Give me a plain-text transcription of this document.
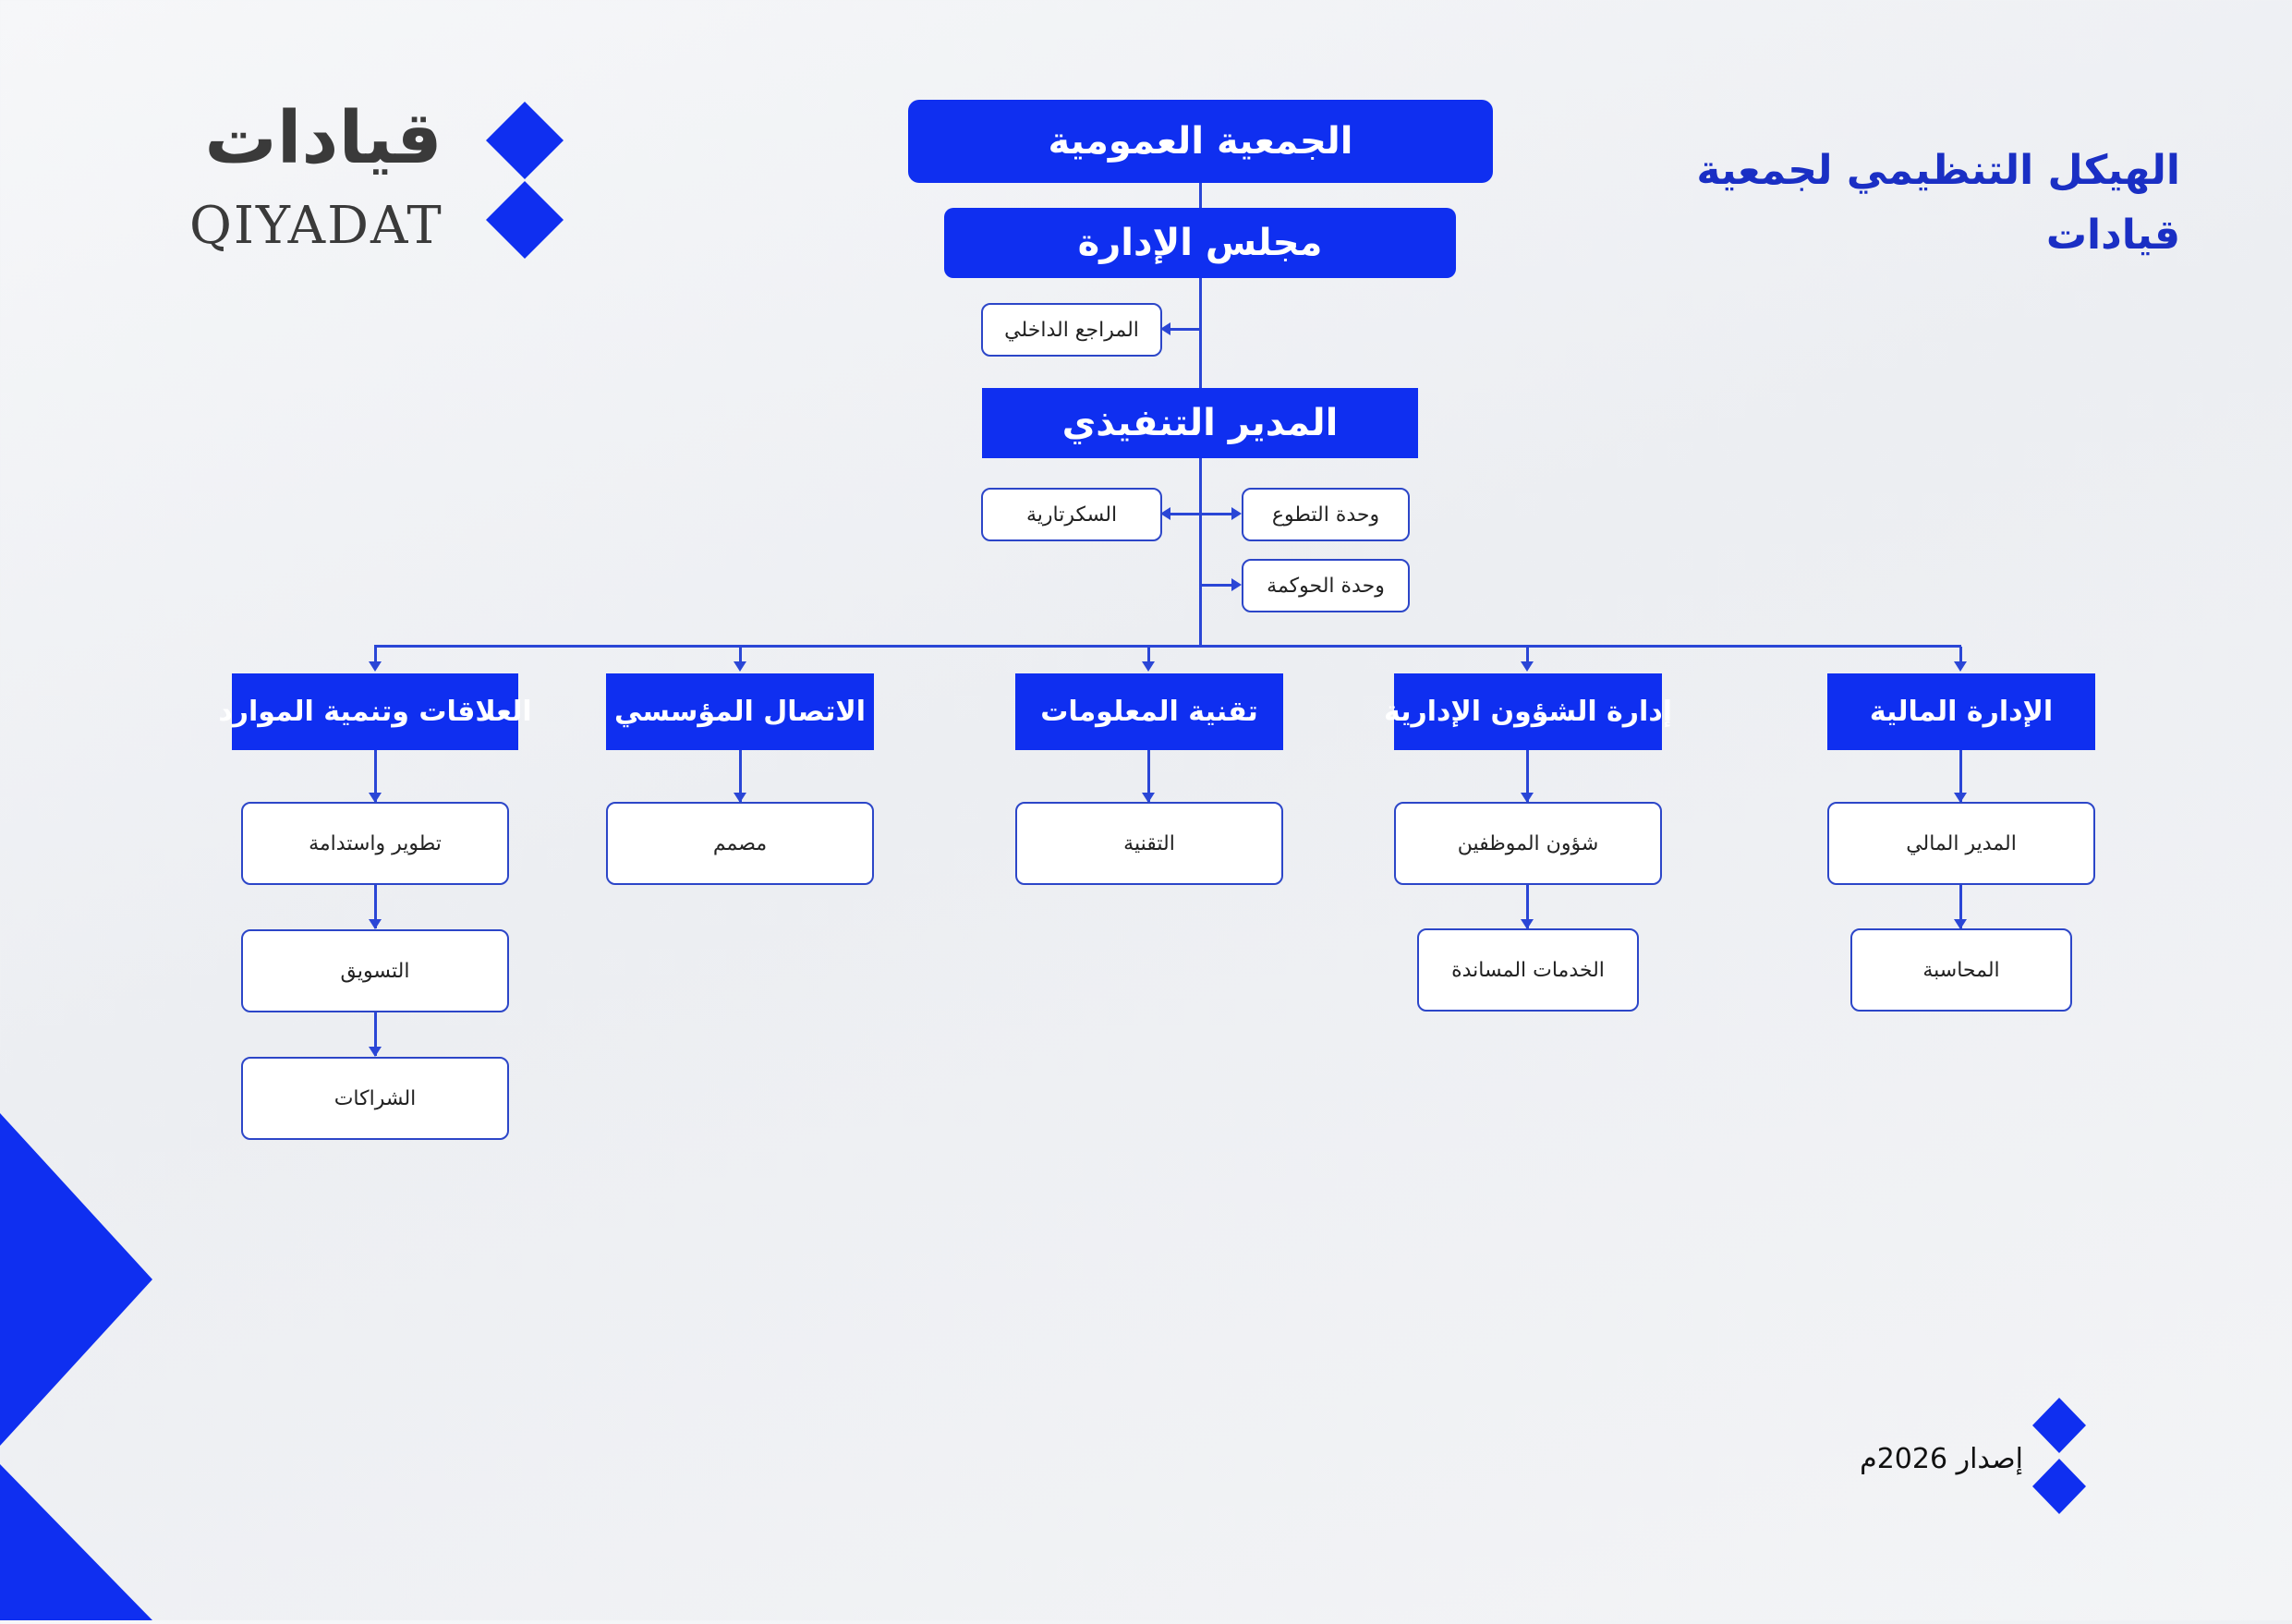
قيادات
QIYADAT
الهيكل التنظيمي لجمعية قيادات
الجمعية العمومية
مجلس الإدارة
المراجع الداخلي
المدير التنفيذي
السكرتارية	وحدة التطوع
وحدة الحوكمة
الإدارة المالية
إدارة الشؤون الإدارية
تقنية المعلومات
الاتصال المؤسسي
العلاقات وتنمية الموارد
المدير المالي
المحاسبة
شؤون الموظفين
الخدمات المساندة
التقنية
مصمم
تطوير واستدامة
التسويق
الشراكات
إصدار 2026م
